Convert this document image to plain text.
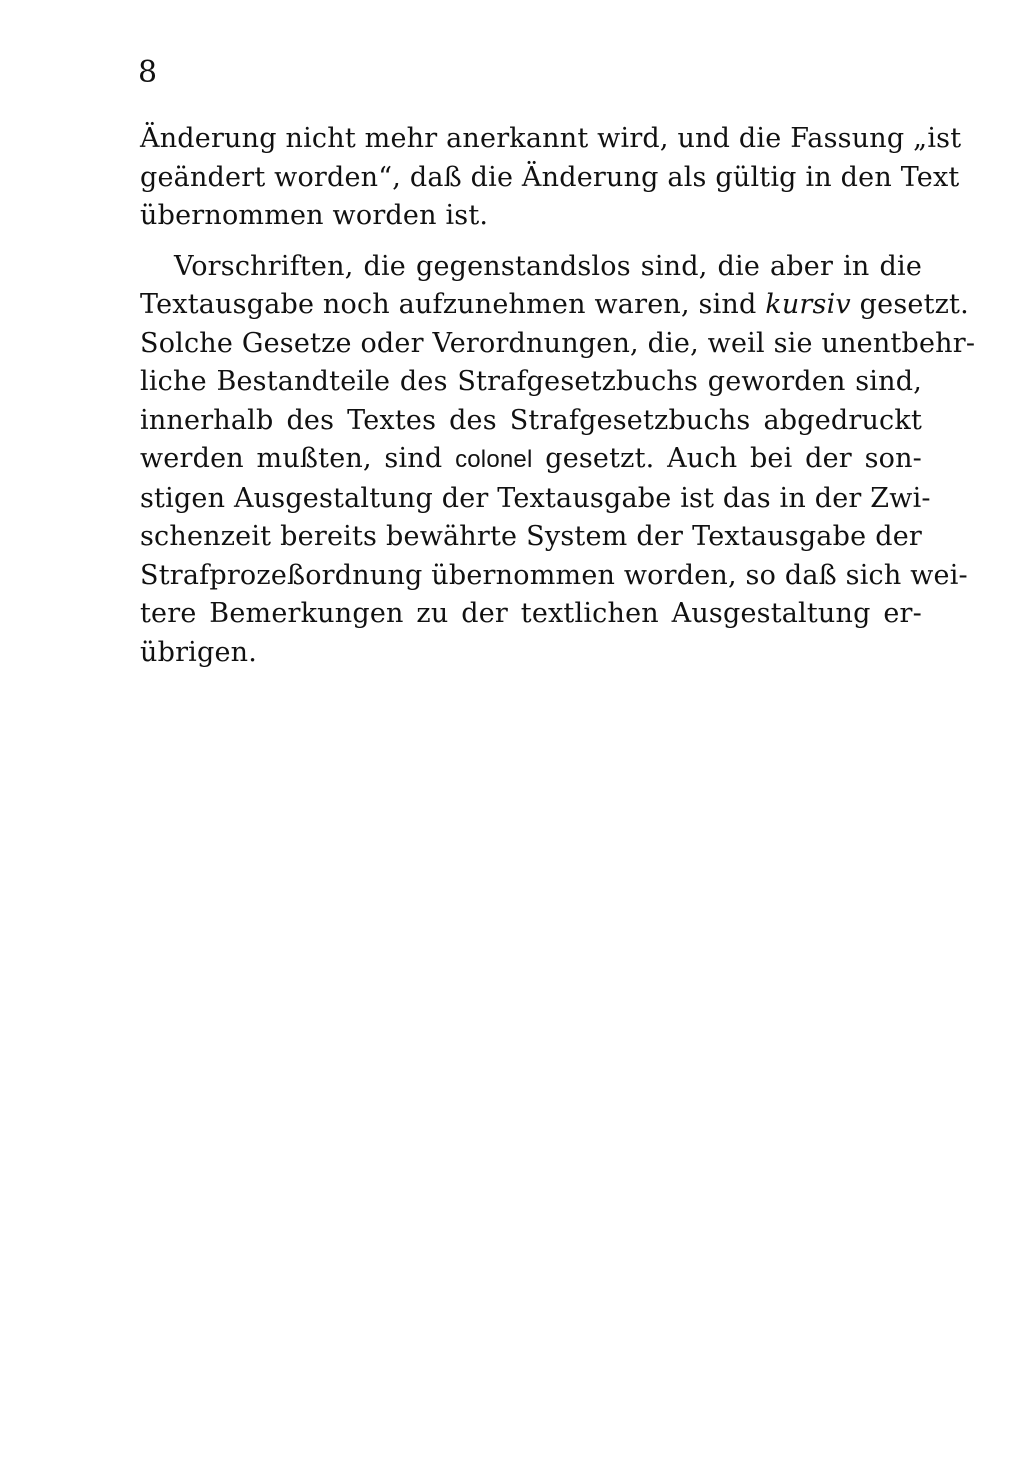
8
Änderung nicht mehr anerkannt wird, und die Fassung „ist
geändert worden“, daß die Änderung als gültig in den Text
übernommen worden ist.
Vorschriften, die gegenstandslos sind, die aber in die
Textausgabe noch aufzunehmen waren, sind kursiv gesetzt.
Solche Gesetze oder Verordnungen, die, weil sie unentbehr-
liche Bestandteile des Strafgesetzbuchs geworden sind,
innerhalb des Textes des Strafgesetzbuchs abgedruckt
werden mußten, sind colonel gesetzt. Auch bei der son-
stigen Ausgestaltung der Textausgabe ist das in der Zwi-
schenzeit bereits bewährte System der Textausgabe der
Strafprozeßordnung übernommen worden, so daß sich wei-
tere Bemerkungen zu der textlichen Ausgestaltung er-
übrigen.
